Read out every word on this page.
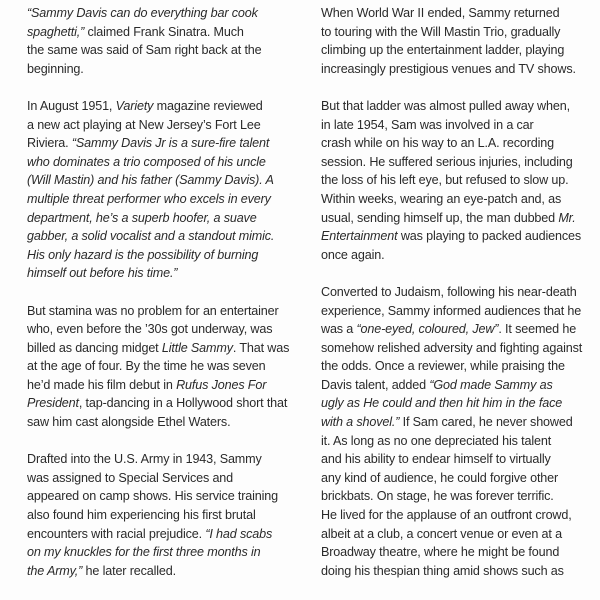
“Sammy Davis can do everything bar cook
spaghetti,” claimed Frank Sinatra. Much
the same was said of Sam right back at the
beginning.

In August 1951, Variety magazine reviewed
a new act playing at New Jersey’s Fort Lee
Riviera. “Sammy Davis Jr is a sure-fire talent
who dominates a trio composed of his uncle
(Will Mastin) and his father (Sammy Davis). A
multiple threat performer who excels in every
department, he’s a superb hoofer, a suave
gabber, a solid vocalist and a standout mimic.
His only hazard is the possibility of burning
himself out before his time.”

But stamina was no problem for an entertainer
who, even before the ’30s got underway, was
billed as dancing midget Little Sammy. That was
at the age of four. By the time he was seven
he’d made his film debut in Rufus Jones For
President, tap-dancing in a Hollywood short that
saw him cast alongside Ethel Waters.

Drafted into the U.S. Army in 1943, Sammy
was assigned to Special Services and
appeared on camp shows. His service training
also found him experiencing his first brutal
encounters with racial prejudice. “I had scabs
on my knuckles for the first three months in
the Army,” he later recalled.

When World War II ended, Sammy returned
to touring with the Will Mastin Trio, gradually
climbing up the entertainment ladder, playing
increasingly prestigious venues and TV shows.

But that ladder was almost pulled away when,
in late 1954, Sam was involved in a car
crash while on his way to an L.A. recording
session. He suffered serious injuries, including
the loss of his left eye, but refused to slow up.
Within weeks, wearing an eye-patch and, as
usual, sending himself up, the man dubbed Mr.
Entertainment was playing to packed audiences
once again.

Converted to Judaism, following his near-death
experience, Sammy informed audiences that he
was a “one-eyed, coloured, Jew”. It seemed he
somehow relished adversity and fighting against
the odds. Once a reviewer, while praising the
Davis talent, added “God made Sammy as
ugly as He could and then hit him in the face
with a shovel.” If Sam cared, he never showed
it. As long as no one depreciated his talent
and his ability to endear himself to virtually
any kind of audience, he could forgive other
brickbats. On stage, he was forever terrific.
He lived for the applause of an outfront crowd,
albeit at a club, a concert venue or even at a
Broadway theatre, where he might be found
doing his thespian thing amid shows such as
